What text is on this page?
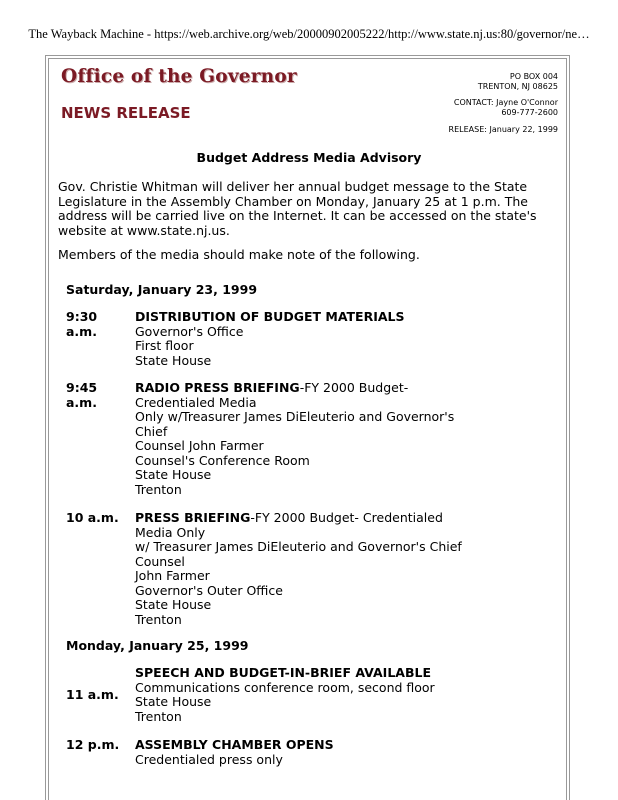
The Wayback Machine - https://web.archive.org/web/20000902005222/http://www.state.nj.us:80/governor/ne…
Office of the Governor
NEWS RELEASE
PO BOX 004
TRENTON, NJ 08625
CONTACT: Jayne O'Connor
609-777-2600
RELEASE: January 22, 1999
Budget Address Media Advisory

Gov. Christie Whitman will deliver her annual budget message to the State Legislature in the Assembly Chamber on Monday, January 25 at 1 p.m. The address will be carried live on the Internet. It can be accessed on the state's website at www.state.nj.us.

Members of the media should make note of the following.

Saturday, January 23, 1999
9:30
a.m.
DISTRIBUTION OF BUDGET MATERIALS
Governor's Office
First floor
State House
9:45
a.m.
RADIO PRESS BRIEFING-FY 2000 Budget-
Credentialed Media
Only w/Treasurer James DiEleuterio and Governor's
Chief
Counsel John Farmer
Counsel's Conference Room
State House
Trenton
10 a.m. PRESS BRIEFING-FY 2000 Budget- Credentialed
Media Only
w/ Treasurer James DiEleuterio and Governor's Chief
Counsel
John Farmer
Governor's Outer Office
State House
Trenton
Monday, January 25, 1999
SPEECH AND BUDGET-IN-BRIEF AVAILABLE
Communications conference room, second floor
State House
Trenton
11 a.m.
12 p.m. ASSEMBLY CHAMBER OPENS
Credentialed press only
